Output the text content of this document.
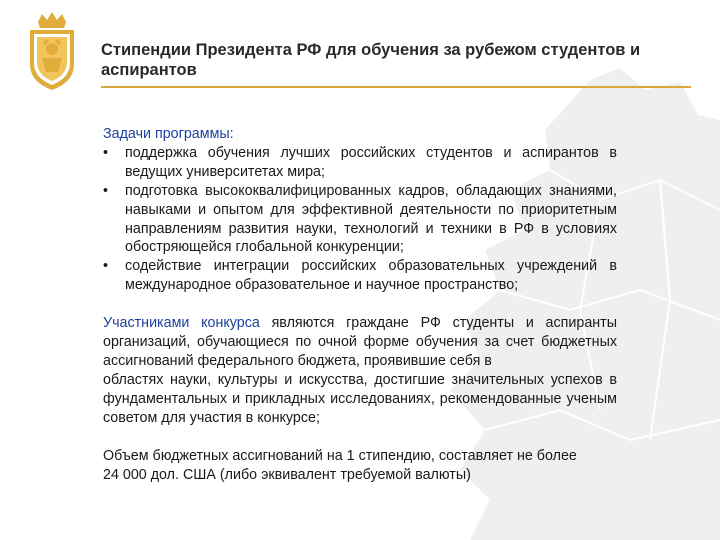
Стипендии Президента РФ для обучения за рубежом студентов и аспирантов
Задачи программы:
• поддержка обучения лучших российских студентов и аспирантов в ведущих университетах мира;
• подготовка высококвалифицированных кадров, обладающих знаниями, навыками и опытом для эффективной деятельности по приоритетным направлениям развития науки, технологий и техники в РФ в условиях обостряющейся глобальной конкуренции;
• содействие интеграции российских образовательных учреждений в международное образовательное и научное пространство;
Участниками конкурса являются граждане РФ студенты и аспиранты организаций, обучающиеся по очной форме обучения за счет бюджетных ассигнований федерального бюджета, проявившие себя в
областях науки, культуры и искусства, достигшие значительных успехов в фундаментальных и прикладных исследованиях, рекомендованные ученым советом для участия в конкурсе;
Объем бюджетных ассигнований на 1 стипендию, составляет не более
24 000 дол. США (либо эквивалент требуемой валюты)
